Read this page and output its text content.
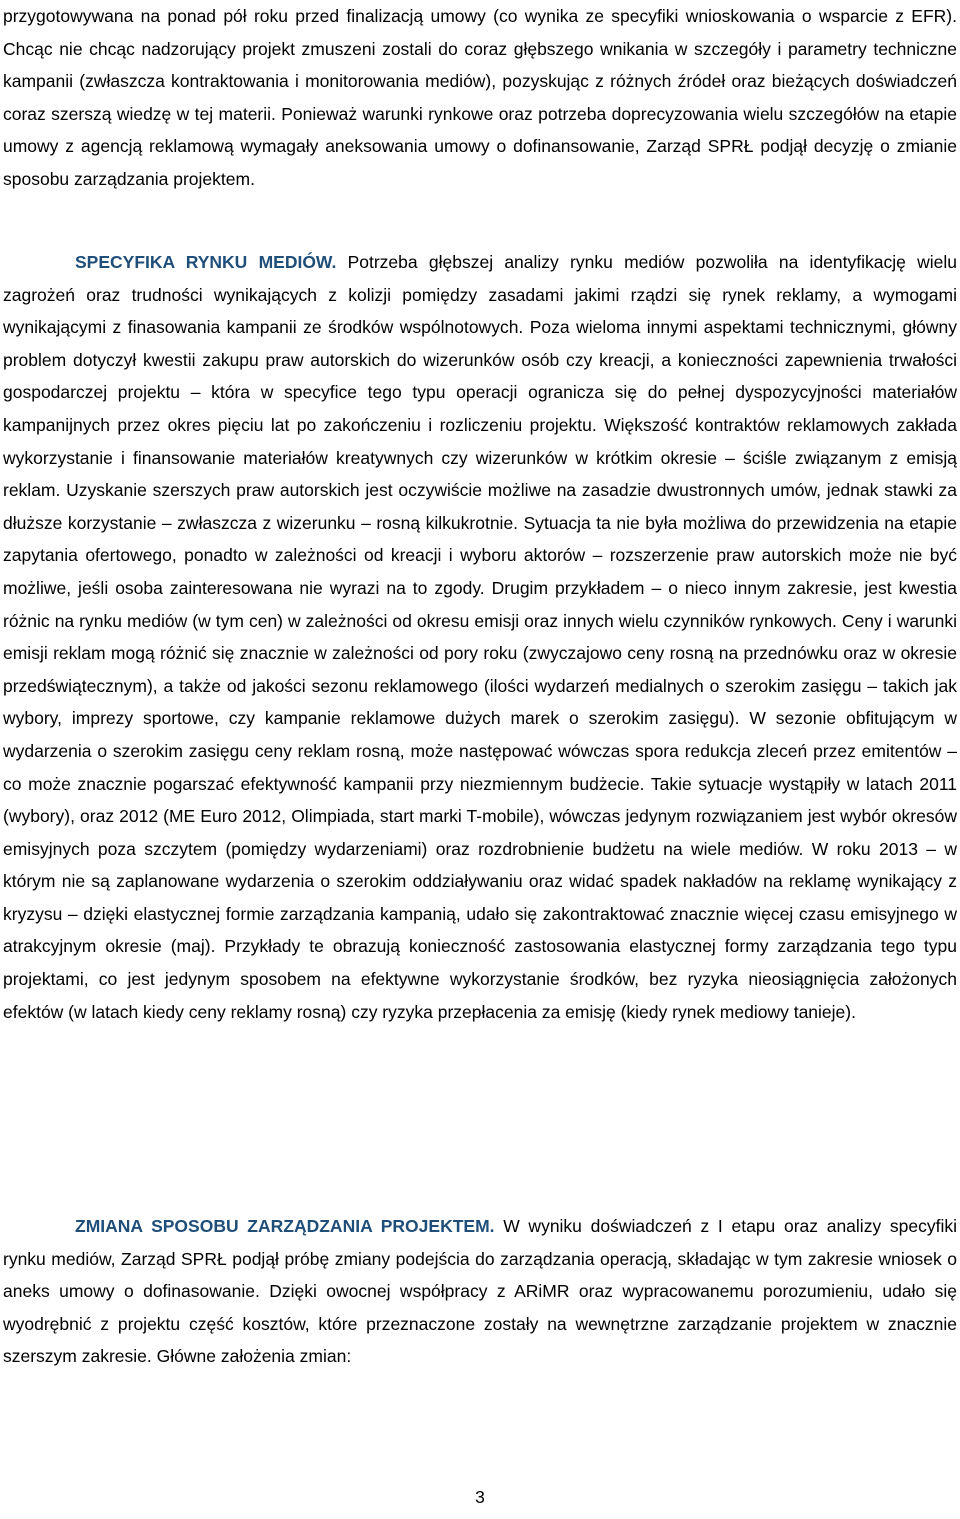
przygotowywana na ponad pół roku przed finalizacją umowy (co wynika ze specyfiki wnioskowania o wsparcie z EFR). Chcąc nie chcąc nadzorujący projekt zmuszeni zostali do coraz głębszego wnikania w szczegóły i parametry techniczne kampanii (zwłaszcza kontraktowania i monitorowania mediów), pozyskując z różnych źródeł oraz bieżących doświadczeń coraz szerszą wiedzę w tej materii. Ponieważ warunki rynkowe oraz potrzeba doprecyzowania wielu szczegółów na etapie umowy z agencją reklamową wymagały aneksowania umowy o dofinansowanie, Zarząd SPRŁ podjął decyzję o zmianie sposobu zarządzania projektem.

SPECYFIKA RYNKU MEDIÓW. Potrzeba głębszej analizy rynku mediów pozwoliła na identyfikację wielu zagrożeń oraz trudności wynikających z kolizji pomiędzy zasadami jakimi rządzi się rynek reklamy, a wymogami wynikającymi z finasowania kampanii ze środków wspólnotowych. Poza wieloma innymi aspektami technicznymi, główny problem dotyczył kwestii zakupu praw autorskich do wizerunków osób czy kreacji, a konieczności zapewnienia trwałości gospodarczej projektu – która w specyfice tego typu operacji ogranicza się do pełnej dyspozycyjności materiałów kampanijnych przez okres pięciu lat po zakończeniu i rozliczeniu projektu. Większość kontraktów reklamowych zakłada wykorzystanie i finansowanie materiałów kreatywnych czy wizerunków w krótkim okresie – ściśle związanym z emisją reklam. Uzyskanie szerszych praw autorskich jest oczywiście możliwe na zasadzie dwustronnych umów, jednak stawki za dłuższe korzystanie – zwłaszcza z wizerunku – rosną kilkukrotnie. Sytuacja ta nie była możliwa do przewidzenia na etapie zapytania ofertowego, ponadto w zależności od kreacji i wyboru aktorów – rozszerzenie praw autorskich może nie być możliwe, jeśli osoba zainteresowana nie wyrazi na to zgody. Drugim przykładem – o nieco innym zakresie, jest kwestia różnic na rynku mediów (w tym cen) w zależności od okresu emisji oraz innych wielu czynników rynkowych. Ceny i warunki emisji reklam mogą różnić się znacznie w zależności od pory roku (zwyczajowo ceny rosną na przednówku oraz w okresie przedświątecznym), a także od jakości sezonu reklamowego (ilości wydarzeń medialnych o szerokim zasięgu – takich jak wybory, imprezy sportowe, czy kampanie reklamowe dużych marek o szerokim zasięgu). W sezonie obfitującym w wydarzenia o szerokim zasięgu ceny reklam rosną, może następować wówczas spora redukcja zleceń przez emitentów – co może znacznie pogarszać efektywność kampanii przy niezmiennym budżecie. Takie sytuacje wystąpiły w latach 2011 (wybory), oraz 2012 (ME Euro 2012, Olimpiada, start marki T-mobile), wówczas jedynym rozwiązaniem jest wybór okresów emisyjnych poza szczytem (pomiędzy wydarzeniami) oraz rozdrobnienie budżetu na wiele mediów. W roku 2013 – w którym nie są zaplanowane wydarzenia o szerokim oddziaływaniu oraz widać spadek nakładów na reklamę wynikający z kryzysu – dzięki elastycznej formie zarządzania kampanią, udało się zakontraktować znacznie więcej czasu emisyjnego w atrakcyjnym okresie (maj). Przykłady te obrazują konieczność zastosowania elastycznej formy zarządzania tego typu projektami, co jest jedynym sposobem na efektywne wykorzystanie środków, bez ryzyka nieosiągnięcia założonych efektów (w latach kiedy ceny reklamy rosną) czy ryzyka przepłacenia za emisję (kiedy rynek mediowy tanieje).

ZMIANA SPOSOBU ZARZĄDZANIA PROJEKTEM. W wyniku doświadczeń z I etapu oraz analizy specyfiki rynku mediów, Zarząd SPRŁ podjął próbę zmiany podejścia do zarządzania operacją, składając w tym zakresie wniosek o aneks umowy o dofinasowanie. Dzięki owocnej współpracy z ARiMR oraz wypracowanemu porozumieniu, udało się wyodrębnić z projektu część kosztów, które przeznaczone zostały na wewnętrzne zarządzanie projektem w znacznie szerszym zakresie. Główne założenia zmian:

3
